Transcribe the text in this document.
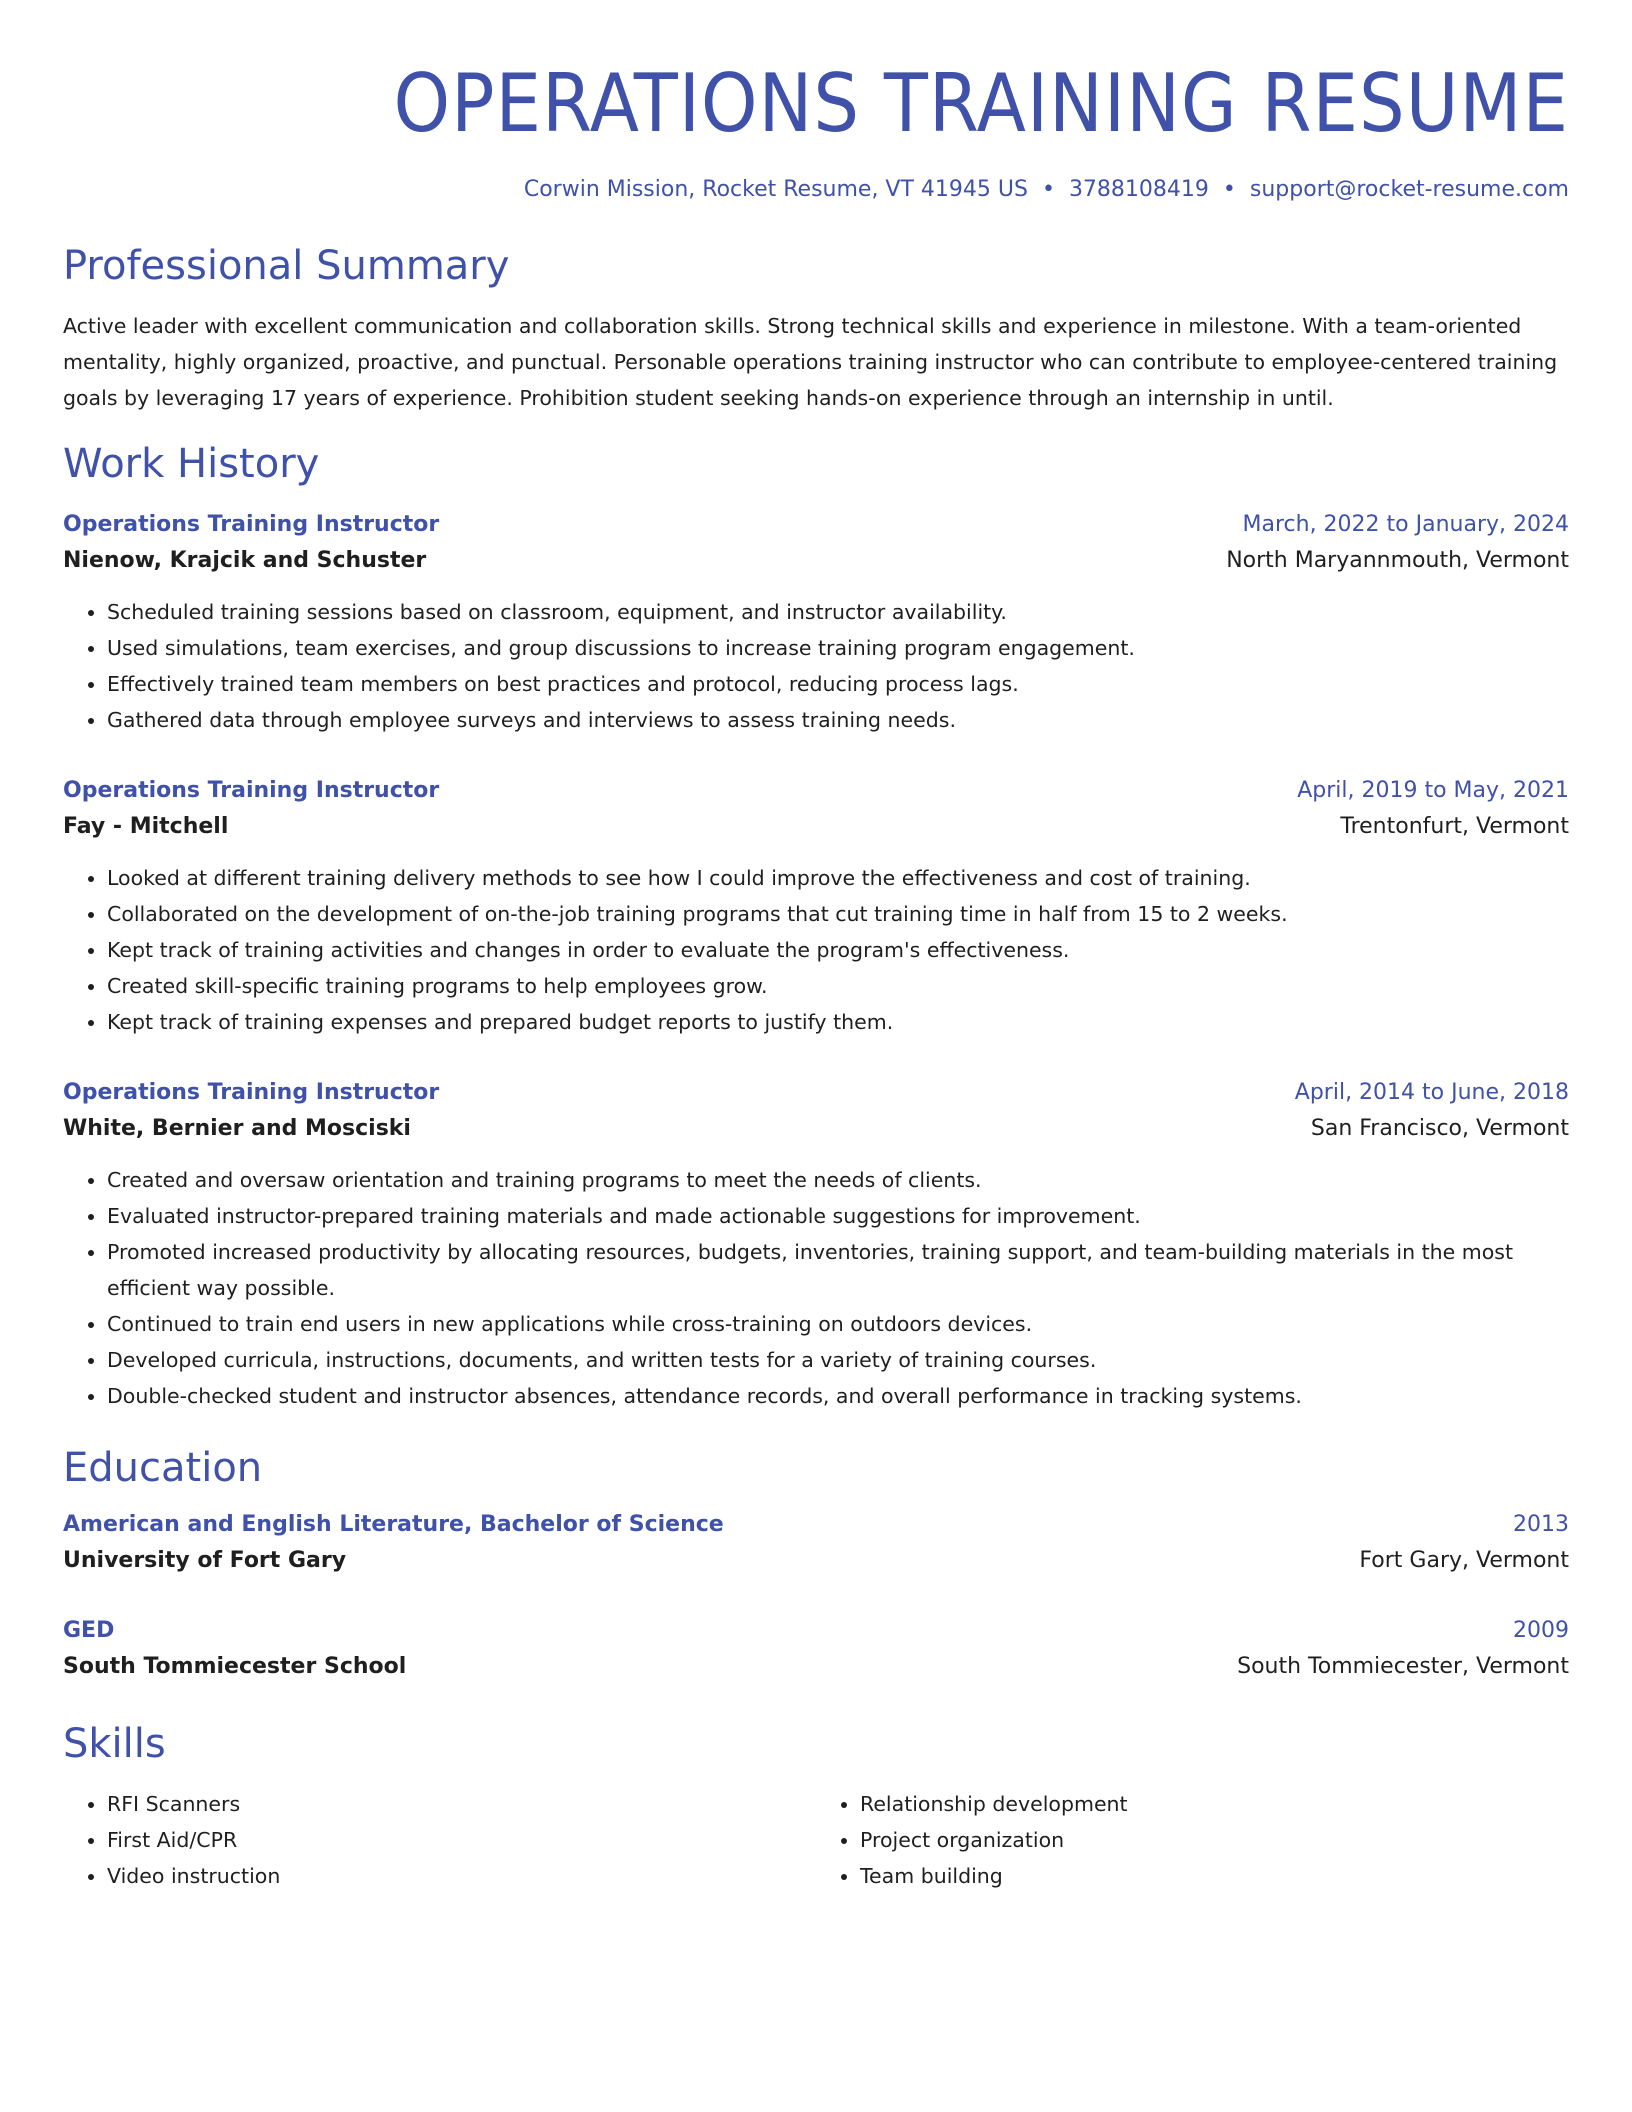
OPERATIONS TRAINING RESUME
Corwin Mission, Rocket Resume, VT 41945 US • 3788108419 • support@rocket-resume.com
Professional Summary

Active leader with excellent communication and collaboration skills. Strong technical skills and experience in milestone. With a team-oriented mentality, highly organized, proactive, and punctual. Personable operations training instructor who can contribute to employee-centered training goals by leveraging 17 years of experience. Prohibition student seeking hands-on experience through an internship in until.

Work History
Operations Training Instructor	March, 2022 to January, 2024
Nienow, Krajcik and Schuster	North Maryannmouth, Vermont
• Scheduled training sessions based on classroom, equipment, and instructor availability.
• Used simulations, team exercises, and group discussions to increase training program engagement.
• Effectively trained team members on best practices and protocol, reducing process lags.
• Gathered data through employee surveys and interviews to assess training needs.
Operations Training Instructor	April, 2019 to May, 2021
Fay - Mitchell	Trentonfurt, Vermont
• Looked at different training delivery methods to see how I could improve the effectiveness and cost of training.
• Collaborated on the development of on-the-job training programs that cut training time in half from 15 to 2 weeks.
• Kept track of training activities and changes in order to evaluate the program's effectiveness.
• Created skill-specific training programs to help employees grow.
• Kept track of training expenses and prepared budget reports to justify them.
Operations Training Instructor	April, 2014 to June, 2018
White, Bernier and Mosciski	San Francisco, Vermont
• Created and oversaw orientation and training programs to meet the needs of clients.
• Evaluated instructor-prepared training materials and made actionable suggestions for improvement.
• Promoted increased productivity by allocating resources, budgets, inventories, training support, and team-building materials in the most efficient way possible.
• Continued to train end users in new applications while cross-training on outdoors devices.
• Developed curricula, instructions, documents, and written tests for a variety of training courses.
• Double-checked student and instructor absences, attendance records, and overall performance in tracking systems.
Education
American and English Literature, Bachelor of Science	2013
University of Fort Gary	Fort Gary, Vermont
GED	2009
South Tommiecester School	South Tommiecester, Vermont
Skills
• RFI Scanners
• First Aid/CPR
• Video instruction
• Relationship development
• Project organization
• Team building
